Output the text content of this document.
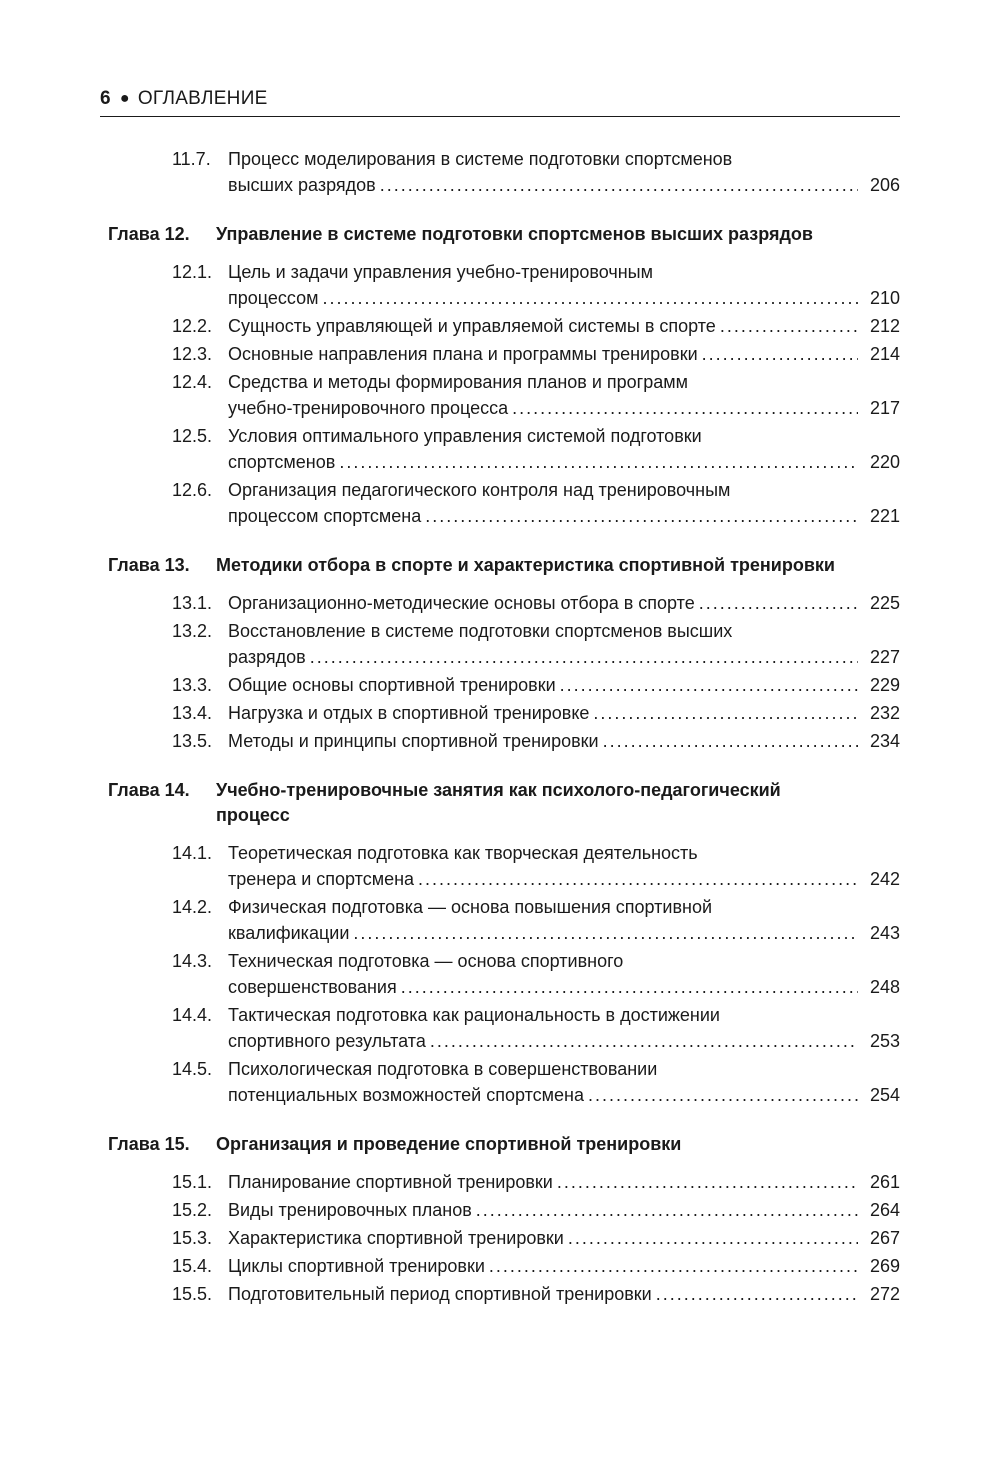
6 ● ОГЛАВЛЕНИЕ
11.7. Процесс моделирования в системе подготовки спортсменов
высших разрядов .....	206
Глава 12.	Управление в системе подготовки спортсменов высших разрядов
12.1. Цель и задачи управления учебно-тренировочным
процессом .....	210
12.2. Сущность управляющей и управляемой системы в спорте .....	212
12.3. Основные направления плана и программы тренировки .....	214
12.4. Средства и методы формирования планов и программ
учебно-тренировочного процесса .....	217
12.5. Условия оптимального управления системой подготовки
спортсменов .....	220
12.6. Организация педагогического контроля над тренировочным
процессом спортсмена .....	221
Глава 13.	Методики отбора в спорте и характеристика спортивной тренировки
13.1. Организационно-методические основы отбора в спорте .....	225
13.2. Восстановление в системе подготовки спортсменов высших
разрядов .....	227
13.3. Общие основы спортивной тренировки .....	229
13.4. Нагрузка и отдых в спортивной тренировке .....	232
13.5. Методы и принципы спортивной тренировки .....	234
Глава 14.	Учебно-тренировочные занятия как психолого-педагогический процесс
14.1. Теоретическая подготовка как творческая деятельность
тренера и спортсмена .....	242
14.2. Физическая подготовка — основа повышения спортивной
квалификации .....	243
14.3. Техническая подготовка — основа спортивного
совершенствования .....	248
14.4. Тактическая подготовка как рациональность в достижении
спортивного результата .....	253
14.5. Психологическая подготовка в совершенствовании
потенциальных возможностей спортсмена .....	254
Глава 15.	Организация и проведение спортивной тренировки
15.1. Планирование спортивной тренировки .....	261
15.2. Виды тренировочных планов .....	264
15.3. Характеристика спортивной тренировки .....	267
15.4. Циклы спортивной тренировки .....	269
15.5. Подготовительный период спортивной тренировки .....	272
